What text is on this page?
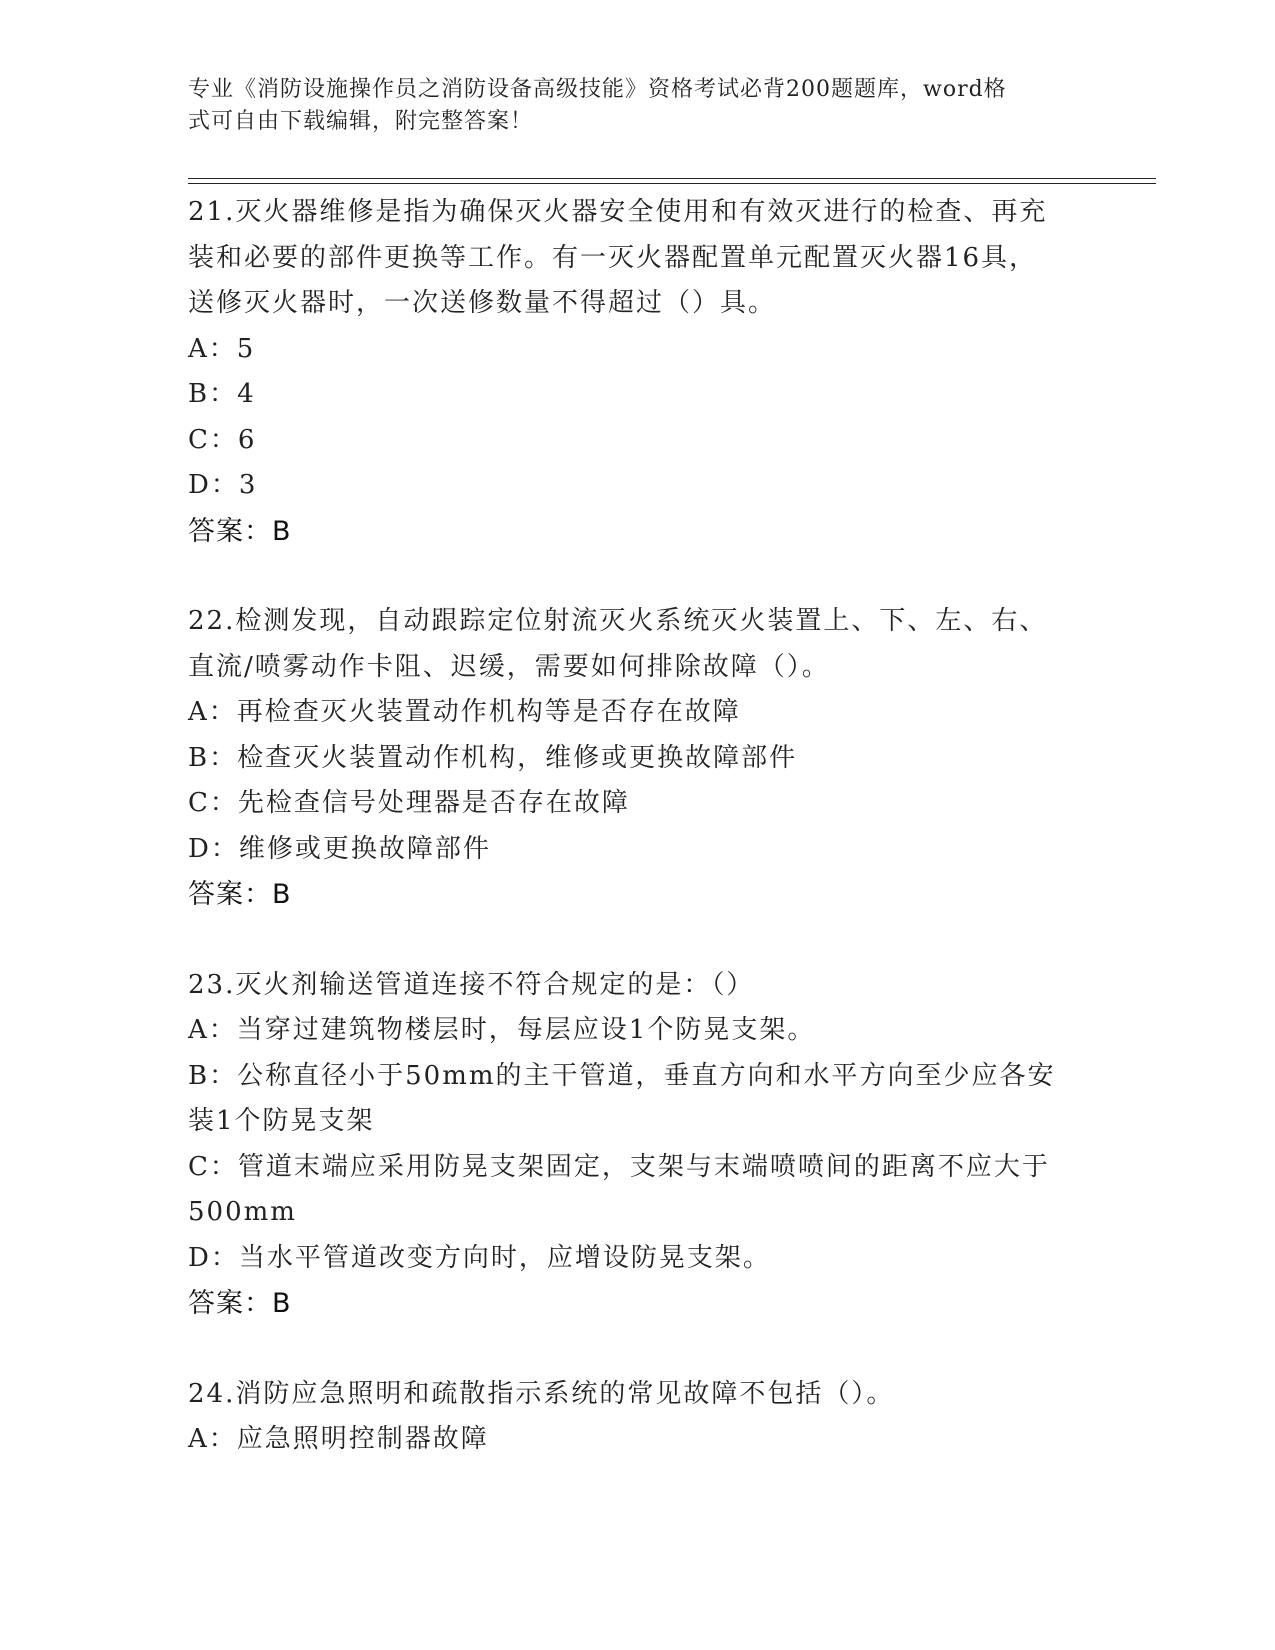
专业《消防设施操作员之消防设备高级技能》资格考试必背200题题库，word格
式可自由下载编辑，附完整答案！
21.灭火器维修是指为确保灭火器安全使用和有效灭进行的检查、再充
装和必要的部件更换等工作。有一灭火器配置单元配置灭火器16具，
送修灭火器时，一次送修数量不得超过（）具。
A：5
B：4
C：6
D：3
答案：B
22.检测发现，自动跟踪定位射流灭火系统灭火装置上、下、左、右、
直流/喷雾动作卡阻、迟缓，需要如何排除故障（）。
A：再检查灭火装置动作机构等是否存在故障
B：检查灭火装置动作机构，维修或更换故障部件
C：先检查信号处理器是否存在故障
D：维修或更换故障部件
答案：B
23.灭火剂输送管道连接不符合规定的是：（）
A：当穿过建筑物楼层时，每层应设1个防晃支架。
B：公称直径小于50mm的主干管道，垂直方向和水平方向至少应各安
装1个防晃支架
C：管道末端应采用防晃支架固定，支架与末端喷喷间的距离不应大于
500mm
D：当水平管道改变方向时，应增设防晃支架。
答案：B
24.消防应急照明和疏散指示系统的常见故障不包括（）。
A：应急照明控制器故障
